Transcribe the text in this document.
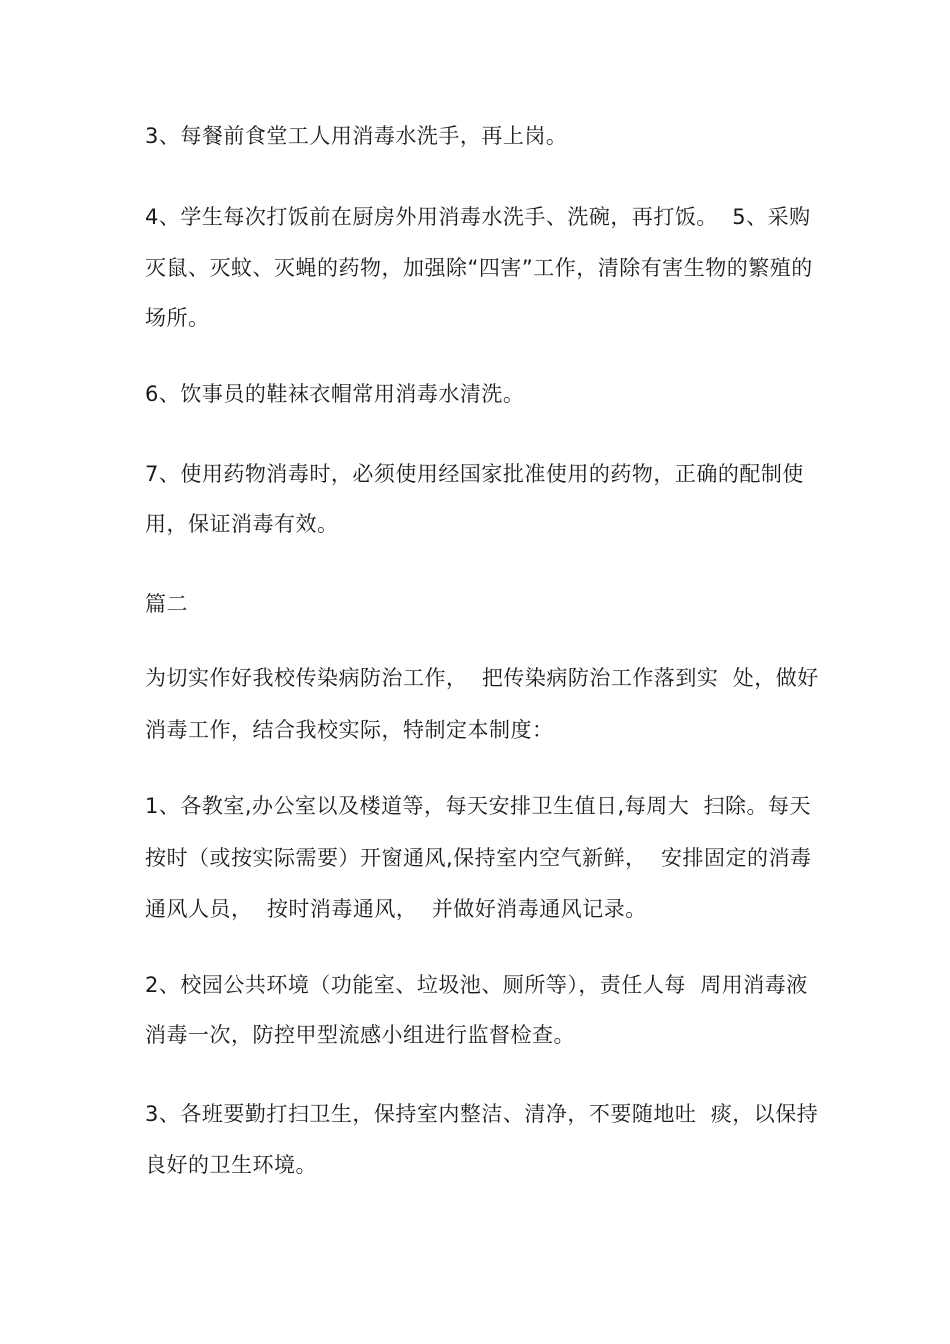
3、每餐前食堂工人用消毒水洗手，再上岗。
4、学生每次打饭前在厨房外用消毒水洗手、洗碗，再打饭。  5、采购
灭鼠、灭蚊、灭蝇的药物，加强除“四害”工作，清除有害生物的繁殖的
场所。
6、饮事员的鞋袜衣帽常用消毒水清洗。
7、使用药物消毒时，必须使用经国家批准使用的药物，正确的配制使
用，保证消毒有效。
篇二
为切实作好我校传染病防治工作，  把传染病防治工作落到实  处，做好
消毒工作，结合我校实际，特制定本制度：
1、各教室,办公室以及楼道等，每天安排卫生值日,每周大  扫除。每天
按时（或按实际需要）开窗通风,保持室内空气新鲜，  安排固定的消毒
通风人员，  按时消毒通风，  并做好消毒通风记录。
2、校园公共环境（功能室、垃圾池、厕所等），责任人每  周用消毒液
消毒一次，防控甲型流感小组进行监督检查。
3、各班要勤打扫卫生，保持室内整洁、清净，不要随地吐  痰，以保持
良好的卫生环境。
